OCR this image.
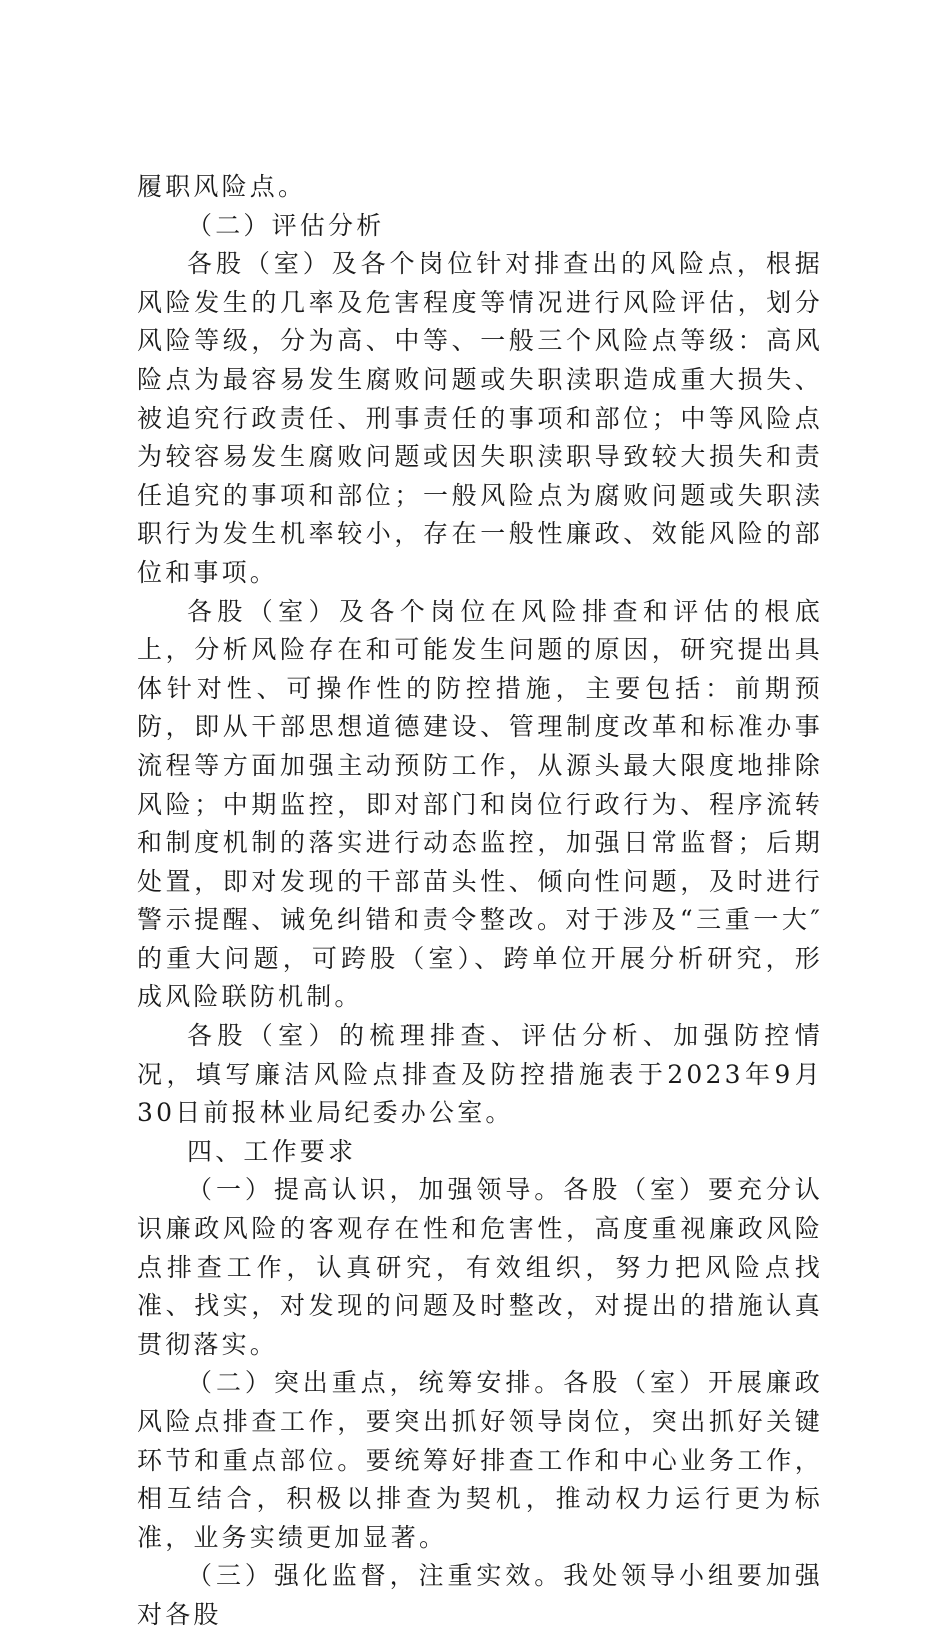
履职风险点。

（二）评估分析

各股（室）及各个岗位针对排查出的风险点，根据风险发生的几率及危害程度等情况进行风险评估，划分风险等级，分为高、中等、一般三个风险点等级：高风险点为最容易发生腐败问题或失职渎职造成重大损失、被追究行政责任、刑事责任的事项和部位；中等风险点为较容易发生腐败问题或因失职渎职导致较大损失和责任追究的事项和部位；一般风险点为腐败问题或失职渎职行为发生机率较小，存在一般性廉政、效能风险的部位和事项。

各股（室）及各个岗位在风险排查和评估的根底上，分析风险存在和可能发生问题的原因，研究提出具体针对性、可操作性的防控措施，主要包括：前期预防，即从干部思想道德建设、管理制度改革和标准办事流程等方面加强主动预防工作，从源头最大限度地排除风险；中期监控，即对部门和岗位行政行为、程序流转和制度机制的落实进行动态监控，加强日常监督；后期处置，即对发现的干部苗头性、倾向性问题，及时进行警示提醒、诫免纠错和责令整改。对于涉及“三重一大″的重大问题，可跨股（室）、跨单位开展分析研究，形成风险联防机制。

各股（室）的梳理排查、评估分析、加强防控情况，填写廉洁风险点排查及防控措施表于2023年9月30日前报林业局纪委办公室。

四、工作要求

（一）提高认识，加强领导。各股（室）要充分认识廉政风险的客观存在性和危害性，高度重视廉政风险点排查工作，认真研究，有效组织，努力把风险点找准、找实，对发现的问题及时整改，对提出的措施认真贯彻落实。

（二）突出重点，统筹安排。各股（室）开展廉政风险点排查工作，要突出抓好领导岗位，突出抓好关键环节和重点部位。要统筹好排查工作和中心业务工作，相互结合，积极以排查为契机，推动权力运行更为标准，业务实绩更加显著。

（三）强化监督，注重实效。我处领导小组要加强对各股
